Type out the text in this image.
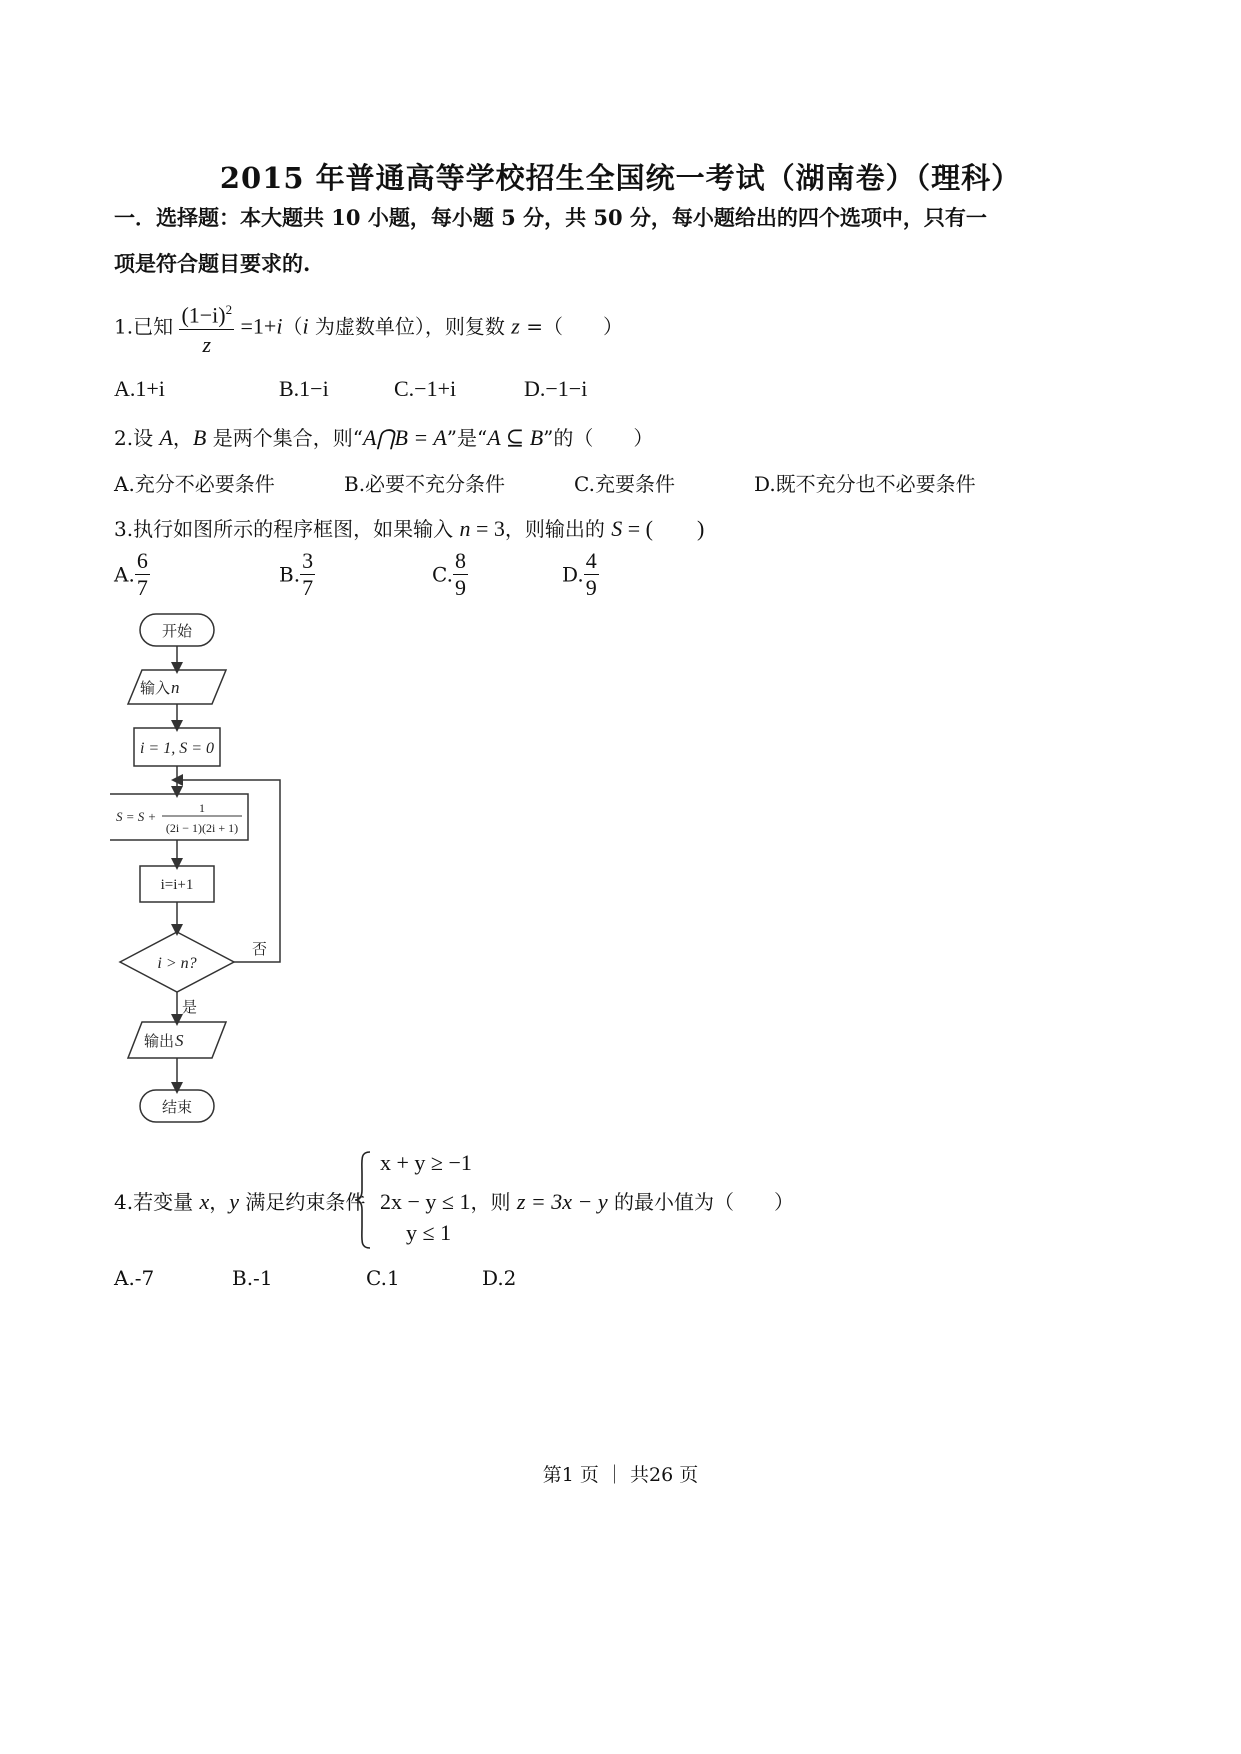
2015 年普通高等学校招生全国统一考试（湖南卷）（理科）
一．选择题：本大题共 10 小题，每小题 5 分，共 50 分，每小题给出的四个选项中，只有一
项是符合题目要求的.
1.已知 $\frac{(1-i)^2}{z} =1+i(i$ 为虚数单位），则复数 z =（　　）
A.1+i	B.1−i	C.−1+i	D.−1−i
2.设 A，B 是两个集合，则“A⋂B = A”是“A ⊆ B”的（　　）
A.充分不必要条件	B.必要不充分条件	C.充要条件	D.既不充分也不必要条件
3.执行如图所示的程序框图，如果输入 n = 3，则输出的 S = (　　)
A. $\frac{6}{7}$	B. $\frac{3}{7}$	C. $\frac{8}{9}$	D. $\frac{4}{9}$
开始
输入 n
i = 1, S = 0
S = S +
1
(2i − 1)(2i + 1)
i=i+1
i > n?
否
是
输出 S
结束
4.若变量 x，y 满足约束条件
x + y ≥ −1
2x − y ≤ 1，则 z = 3x − y 的最小值为（　　）
y ≤ 1
A.-7	B.-1	C.1	D.2
第1 页 ｜ 共26 页
